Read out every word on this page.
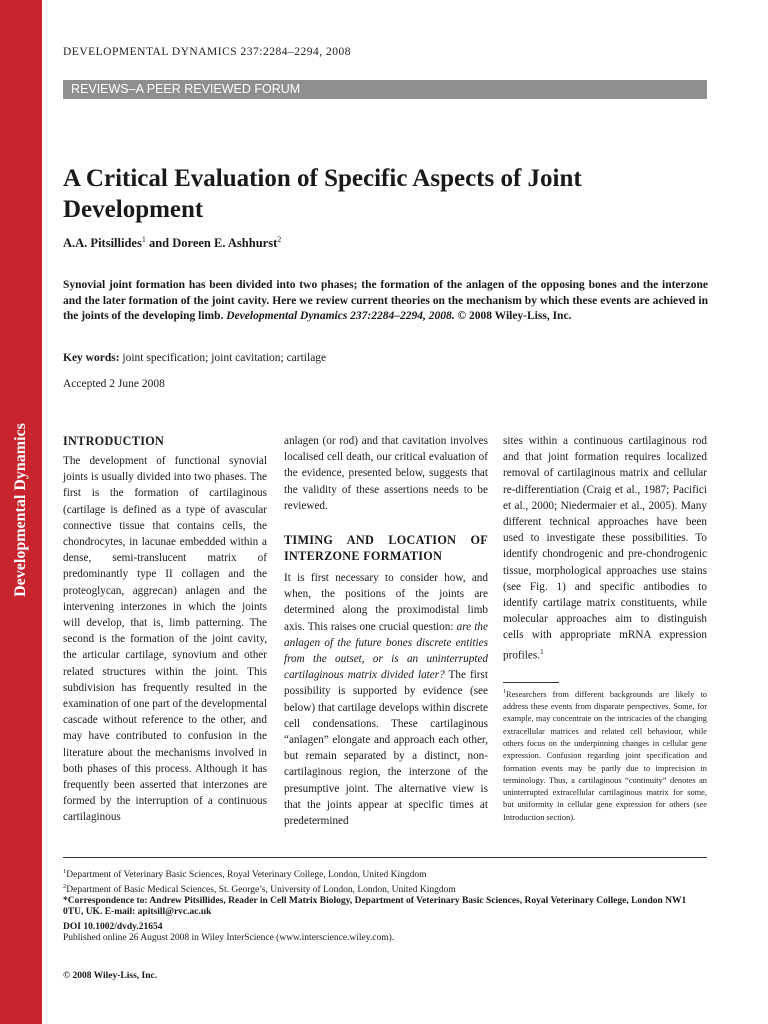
Developmental Dynamics
DEVELOPMENTAL DYNAMICS 237:2284–2294, 2008
REVIEWS–A PEER REVIEWED FORUM
A Critical Evaluation of Specific Aspects of Joint Development
A.A. Pitsillides$^1$ and Doreen E. Ashhurst$^2$

Synovial joint formation has been divided into two phases; the formation of the anlagen of the opposing bones and the interzone and the later formation of the joint cavity. Here we review current theories on the mechanism by which these events are achieved in the joints of the developing limb. Developmental Dynamics 237:2284–2294, 2008. © 2008 Wiley-Liss, Inc.

Key words: joint specification; joint cavitation; cartilage
Accepted 2 June 2008
INTRODUCTION

The development of functional synovial joints is usually divided into two phases. The first is the formation of cartilaginous (cartilage is defined as a type of avascular connective tissue that contains cells, the chondrocytes, in lacunae embedded within a dense, semi-translucent matrix of predominantly type II collagen and the proteoglycan, aggrecan) anlagen and the intervening interzones in which the joints will develop, that is, limb patterning. The second is the formation of the joint cavity, the articular cartilage, synovium and other related structures within the joint. This subdivision has frequently resulted in the examination of one part of the developmental cascade without reference to the other, and may have contributed to confusion in the literature about the mechanisms involved in both phases of this process. Although it has frequently been asserted that interzones are formed by the interruption of a continuous cartilaginous

anlagen (or rod) and that cavitation involves localised cell death, our critical evaluation of the evidence, presented below, suggests that the validity of these assertions needs to be reviewed.

TIMING AND LOCATION OF INTERZONE FORMATION

It is first necessary to consider how, and when, the positions of the joints are determined along the proximodistal limb axis. This raises one crucial question: are the anlagen of the future bones discrete entities from the outset, or is an uninterrupted cartilaginous matrix divided later? The first possibility is supported by evidence (see below) that cartilage develops within discrete cell condensations. These cartilaginous “anlagen” elongate and approach each other, but remain separated by a distinct, non-cartilaginous region, the interzone of the presumptive joint. The alternative view is that the joints appear at specific times at predetermined

sites within a continuous cartilaginous rod and that joint formation requires localized removal of cartilaginous matrix and cellular re-differentiation (Craig et al., 1987; Pacifici et al., 2000; Niedermaier et al., 2005). Many different technical approaches have been used to investigate these possibilities. To identify chondrogenic and pre-chondrogenic tissue, morphological approaches use stains (see Fig. 1) and specific antibodies to identify cartilage matrix constituents, while molecular approaches aim to distinguish cells with appropriate mRNA expression profiles.$^1$

$^1$Researchers from different backgrounds are likely to address these events from disparate perspectives. Some, for example, may concentrate on the intricacies of the changing extracellular matrices and related cell behaviour, while others focus on the underpinning changes in cellular gene expression. Confusion regarding joint specification and formation events may be partly due to imprecision in terminology. Thus, a cartilaginous “continuity” denotes an uninterrupted extracellular cartilaginous matrix for some, but uniformity in cellular gene expression for others (see Introduction section).

$^1$Department of Veterinary Basic Sciences, Royal Veterinary College, London, United Kingdom
$^2$Department of Basic Medical Sciences, St. George’s, University of London, London, United Kingdom
*Correspondence to: Andrew Pitsillides, Reader in Cell Matrix Biology, Department of Veterinary Basic Sciences, Royal Veterinary College, London NW1 0TU, UK. E-mail: apitsill@rvc.ac.uk
DOI 10.1002/dvdy.21654
Published online 26 August 2008 in Wiley InterScience (www.interscience.wiley.com).
© 2008 Wiley-Liss, Inc.
